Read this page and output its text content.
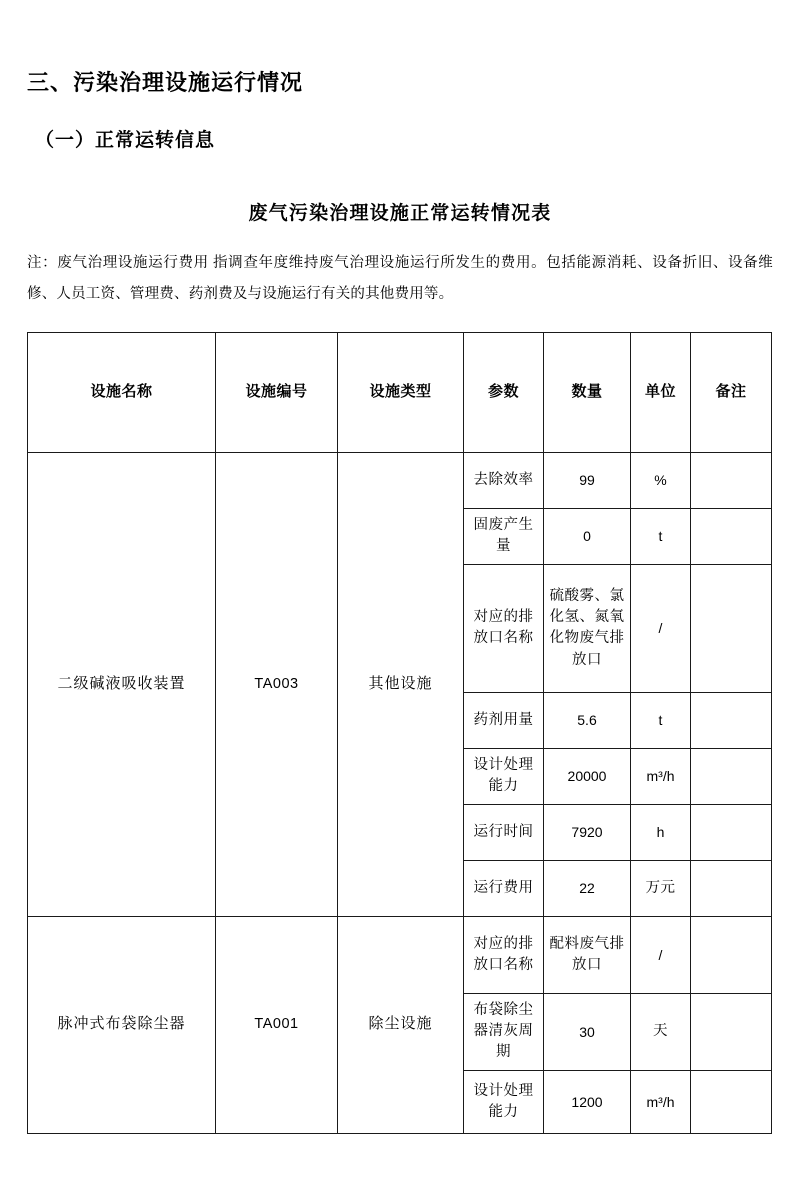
三、污染治理设施运行情况
（一）正常运转信息
废气污染治理设施正常运转情况表

注：废气治理设施运行费用 指调查年度维持废气治理设施运行所发生的费用。包括能源消耗、设备折旧、设备维修、人员工资、管理费、药剂费及与设施运行有关的其他费用等。

设施名称	设施编号	设施类型	参数	数量	单位	备注
二级碱液吸收装置	TA003	其他设施	去除效率	99	%	
			固废产生量	0	t	
			对应的排放口名称	硫酸雾、氯化氢、氮氧化物废气排放口	/	
			药剂用量	5.6	t	
			设计处理能力	20000	m³/h	
			运行时间	7920	h	
			运行费用	22	万元	
脉冲式布袋除尘器	TA001	除尘设施	对应的排放口名称	配料废气排放口	/	
			布袋除尘器清灰周期	30	天	
			设计处理能力	1200	m³/h	
